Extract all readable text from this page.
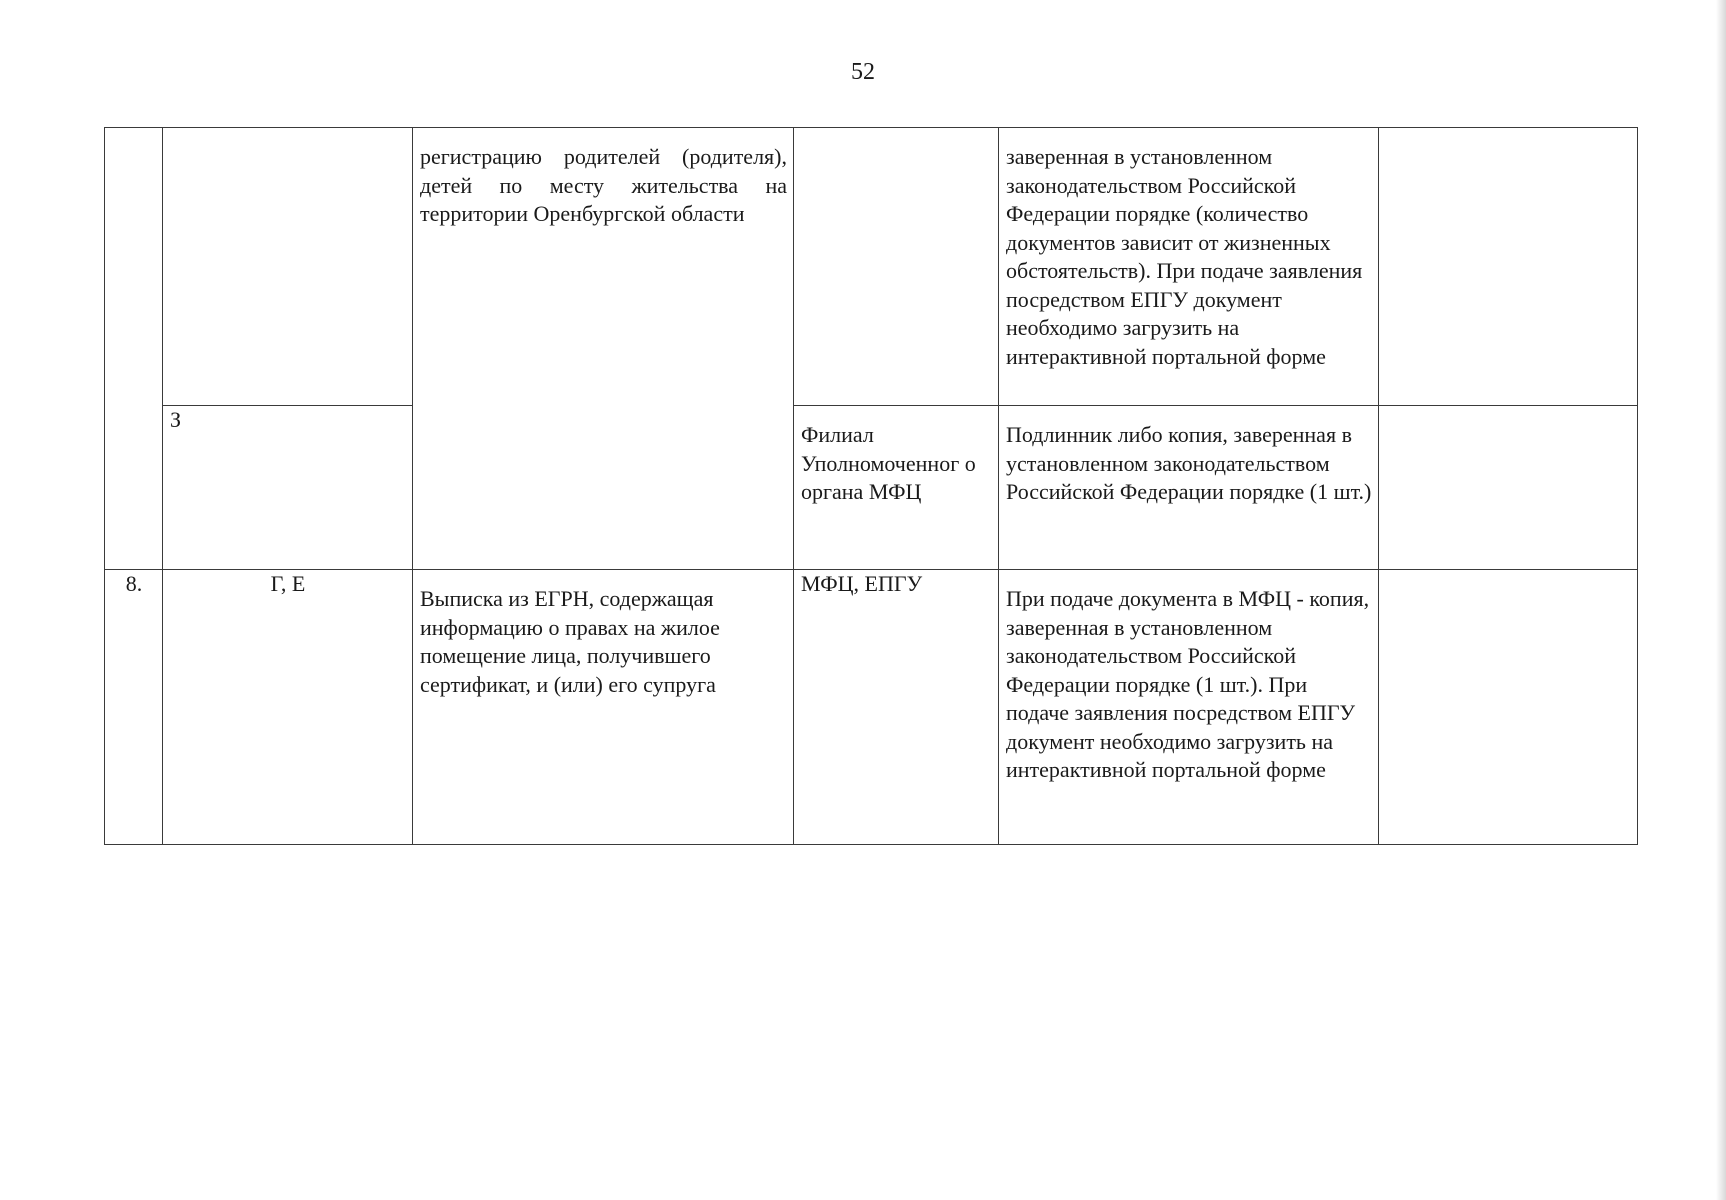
52

		регистрацию родителей (родителя), детей по месту жительства на территории Оренбургской области		заверенная в установленном законодательством Российской Федерации порядке (количество документов зависит от жизненных обстоятельств). При подаче заявления посредством ЕПГУ документ необходимо загрузить на интерактивной портальной форме	

	З		Филиал Уполномоченног о органа МФЦ	Подлинник либо копия, заверенная в установленном законодательством Российской Федерации порядке (1 шт.)	

8.	Г, Е	Выписка из ЕГРН, содержащая информацию о правах на жилое помещение лица, получившего сертификат, и (или) его супруга	МФЦ, ЕПГУ	При подаче документа в МФЦ - копия, заверенная в установленном законодательством Российской Федерации порядке (1 шт.). При подаче заявления посредством ЕПГУ документ необходимо загрузить на интерактивной портальной форме	
